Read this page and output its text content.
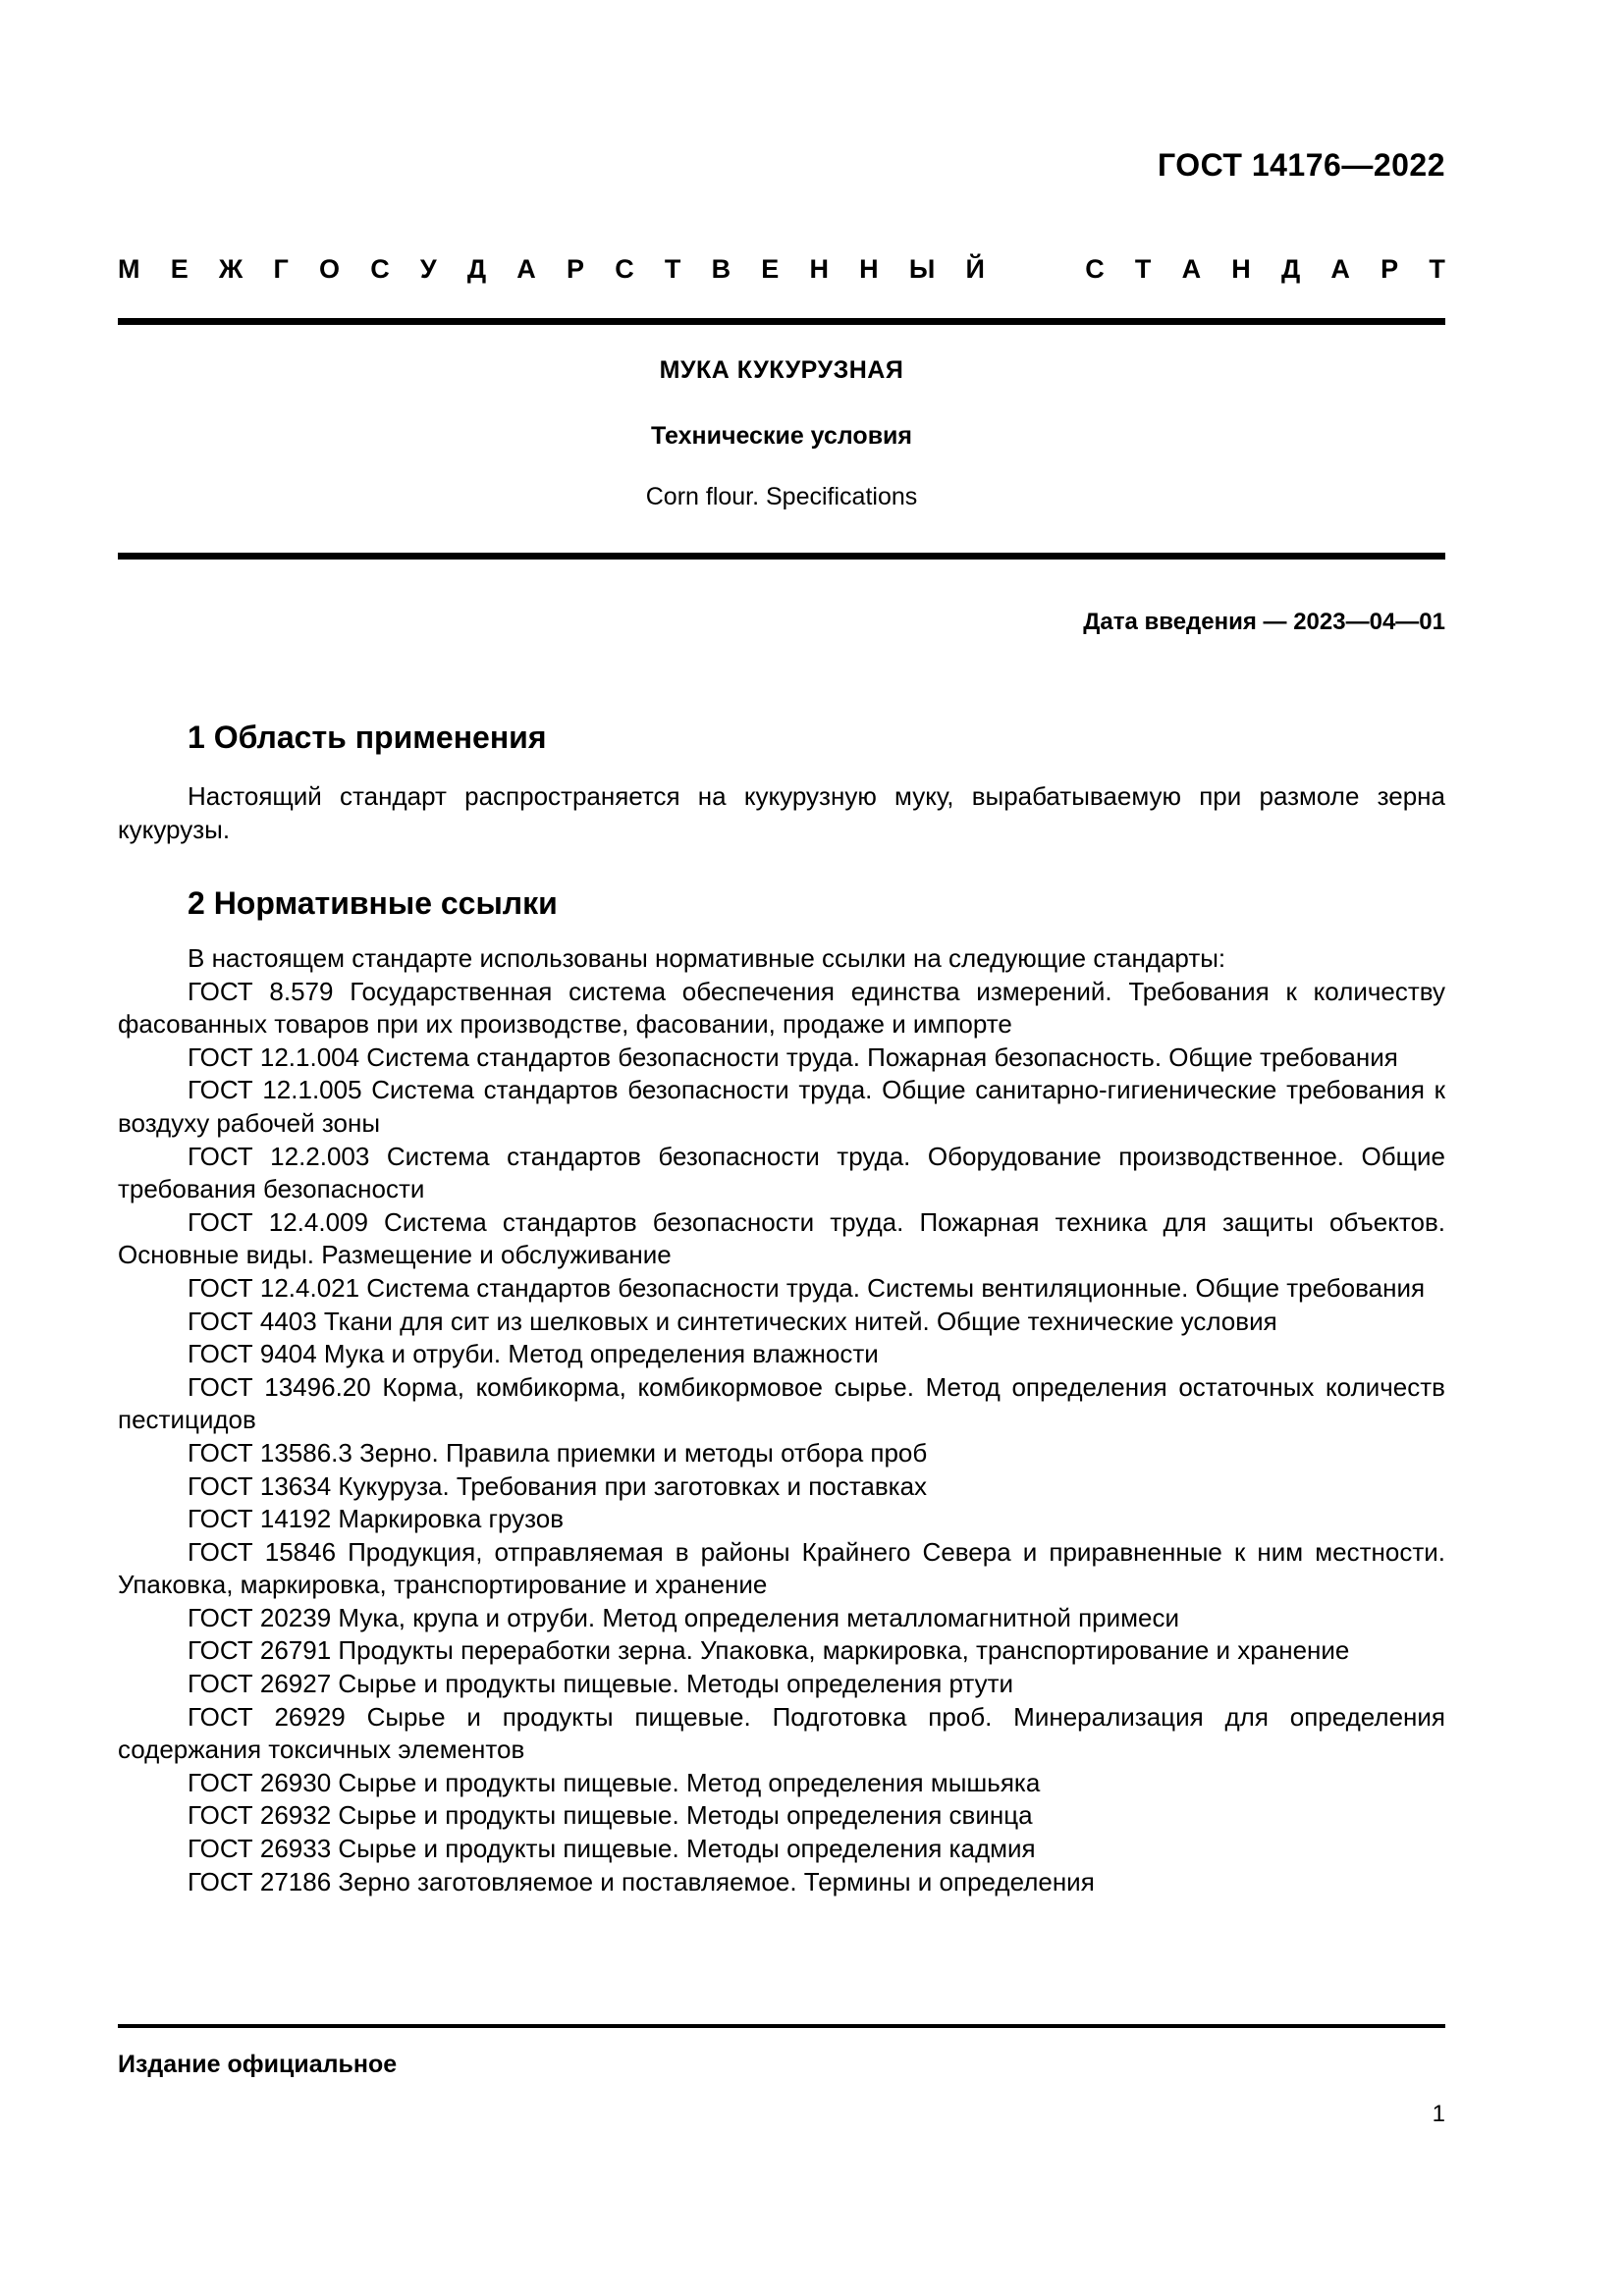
ГОСТ 14176—2022
М Е Ж Г О С У Д А Р С Т В Е Н Н Ы Й	С Т А Н Д А Р Т
МУКА КУКУРУЗНАЯ
Технические условия
Corn flour. Specifications
Дата введения — 2023—04—01
1 Область применения

Настоящий стандарт распространяется на кукурузную муку, вырабатываемую при размоле зерна кукурузы.

2 Нормативные ссылки

В настоящем стандарте использованы нормативные ссылки на следующие стандарты:

ГОСТ 8.579 Государственная система обеспечения единства измерений. Требования к количеству фасованных товаров при их производстве, фасовании, продаже и импорте

ГОСТ 12.1.004 Система стандартов безопасности труда. Пожарная безопасность. Общие требования

ГОСТ 12.1.005 Система стандартов безопасности труда. Общие санитарно-гигиенические требования к воздуху рабочей зоны

ГОСТ 12.2.003 Система стандартов безопасности труда. Оборудование производственное. Общие требования безопасности

ГОСТ 12.4.009 Система стандартов безопасности труда. Пожарная техника для защиты объектов. Основные виды. Размещение и обслуживание

ГОСТ 12.4.021 Система стандартов безопасности труда. Системы вентиляционные. Общие требования

ГОСТ 4403 Ткани для сит из шелковых и синтетических нитей. Общие технические условия

ГОСТ 9404 Мука и отруби. Метод определения влажности

ГОСТ 13496.20 Корма, комбикорма, комбикормовое сырье. Метод определения остаточных количеств пестицидов

ГОСТ 13586.3 Зерно. Правила приемки и методы отбора проб

ГОСТ 13634 Кукуруза. Требования при заготовках и поставках

ГОСТ 14192 Маркировка грузов

ГОСТ 15846 Продукция, отправляемая в районы Крайнего Севера и приравненные к ним местности. Упаковка, маркировка, транспортирование и хранение

ГОСТ 20239 Мука, крупа и отруби. Метод определения металломагнитной примеси

ГОСТ 26791 Продукты переработки зерна. Упаковка, маркировка, транспортирование и хранение

ГОСТ 26927 Сырье и продукты пищевые. Методы определения ртути

ГОСТ 26929 Сырье и продукты пищевые. Подготовка проб. Минерализация для определения содержания токсичных элементов

ГОСТ 26930 Сырье и продукты пищевые. Метод определения мышьяка

ГОСТ 26932 Сырье и продукты пищевые. Методы определения свинца

ГОСТ 26933 Сырье и продукты пищевые. Методы определения кадмия

ГОСТ 27186 Зерно заготовляемое и поставляемое. Термины и определения

Издание официальное
1
